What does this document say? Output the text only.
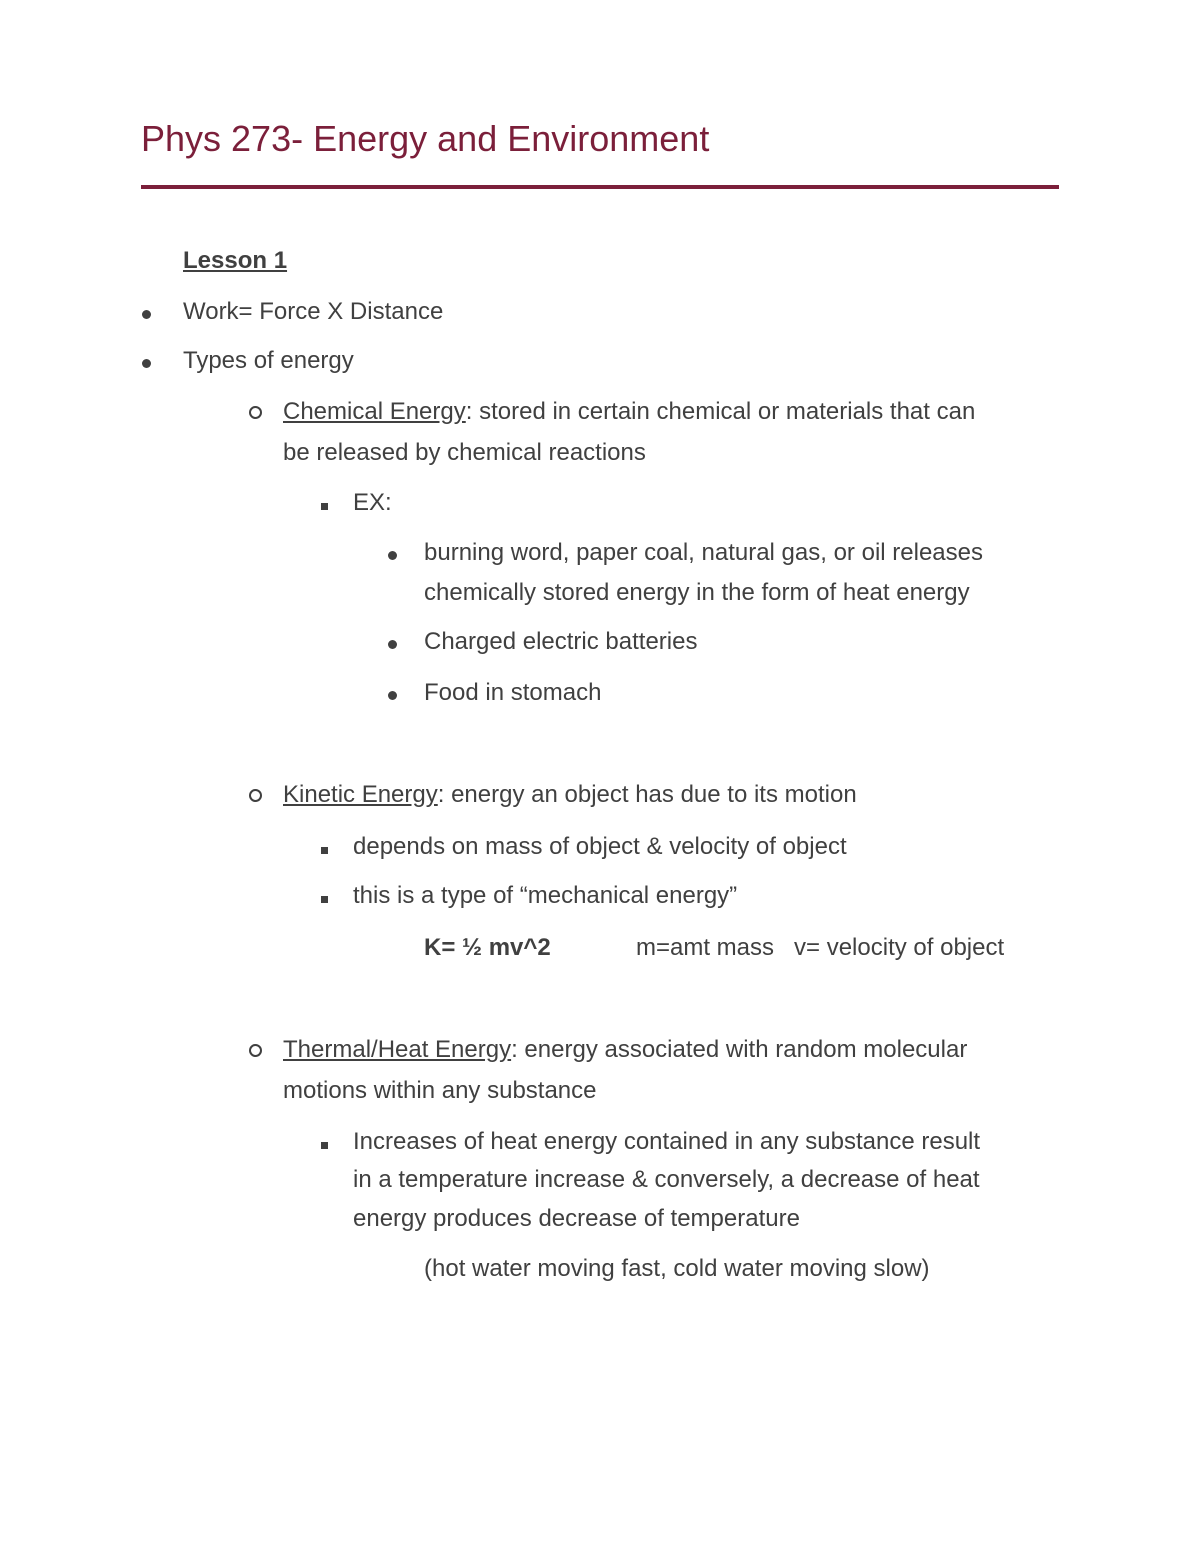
Phys 273- Energy and Environment
Lesson 1
Work= Force X Distance
Types of energy
Chemical Energy: stored in certain chemical or materials that can
be released by chemical reactions
EX:
burning word, paper coal, natural gas, or oil releases
chemically stored energy in the form of heat energy
Charged electric batteries
Food in stomach
Kinetic Energy: energy an object has due to its motion
depends on mass of object & velocity of object
this is a type of “mechanical energy”
K= ½ mv^2	m=amt mass   v= velocity of object
Thermal/Heat Energy: energy associated with random molecular
motions within any substance
Increases of heat energy contained in any substance result
in a temperature increase & conversely, a decrease of heat
energy produces decrease of temperature
(hot water moving fast, cold water moving slow)
